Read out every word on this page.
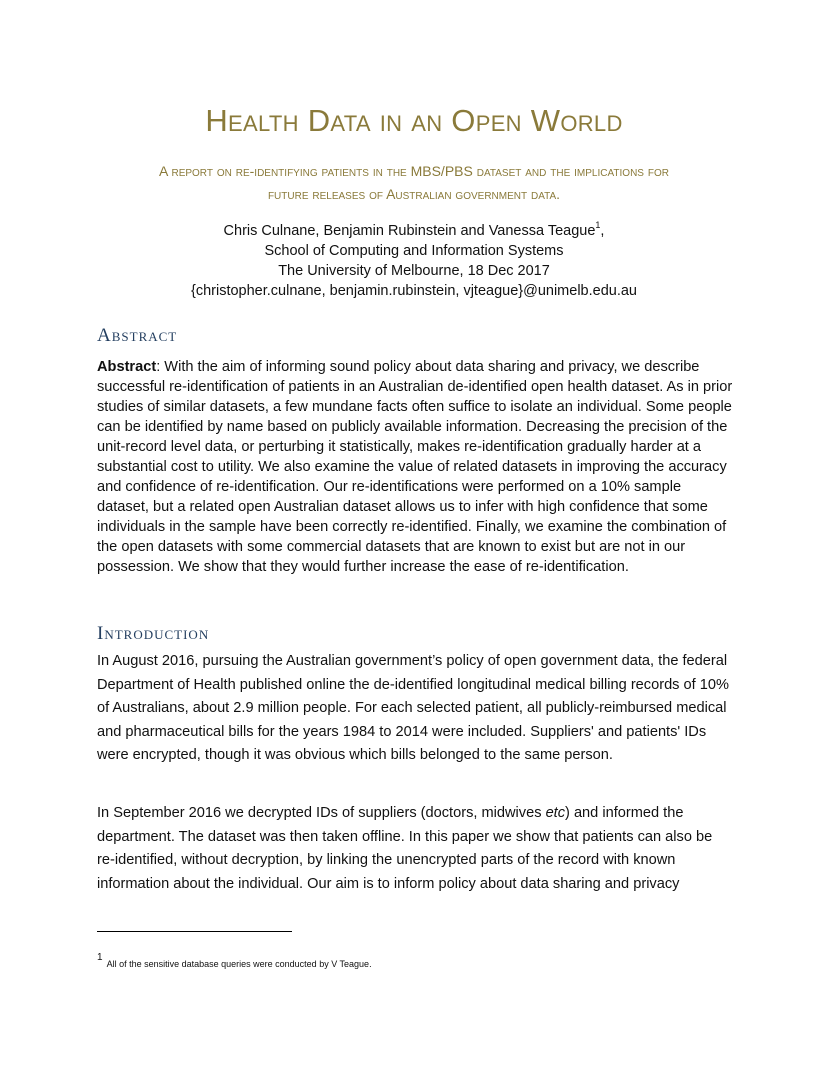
Health Data in an Open World
A report on re-identifying patients in the MBS/PBS dataset and the implications for
future releases of Australian government data.
Chris Culnane, Benjamin Rubinstein and Vanessa Teague$^1$,
School of Computing and Information Systems
The University of Melbourne, 18 Dec 2017
{christopher.culnane, benjamin.rubinstein, vjteague}@unimelb.edu.au
Abstract
Abstract: With the aim of informing sound policy about data sharing and privacy, we describe successful re-identification of patients in an Australian de-identified open health dataset. As in prior studies of similar datasets, a few mundane facts often suffice to isolate an individual. Some people can be identified by name based on publicly available information. Decreasing the precision of the unit-record level data, or perturbing it statistically, makes re-identification gradually harder at a substantial cost to utility. We also examine the value of related datasets in improving the accuracy and confidence of re-identification. Our re-identifications were performed on a 10% sample dataset, but a related open Australian dataset allows us to infer with high confidence that some individuals in the sample have been correctly re-identified. Finally, we examine the combination of the open datasets with some commercial datasets that are known to exist but are not in our possession. We show that they would further increase the ease of re-identification.
Introduction
In August 2016, pursuing the Australian government’s policy of open government data, the federal Department of Health published online the de-identified longitudinal medical billing records of 10% of Australians, about 2.9 million people. For each selected patient, all publicly-reimbursed medical and pharmaceutical bills for the years 1984 to 2014 were included. Suppliers' and patients' IDs were encrypted, though it was obvious which bills belonged to the same person.
In September 2016 we decrypted IDs of suppliers (doctors, midwives etc) and informed the department. The dataset was then taken offline. In this paper we show that patients can also be re-identified, without decryption, by linking the unencrypted parts of the record with known information about the individual. Our aim is to inform policy about data sharing and privacy
$^1$All of the sensitive database queries were conducted by V Teague.
